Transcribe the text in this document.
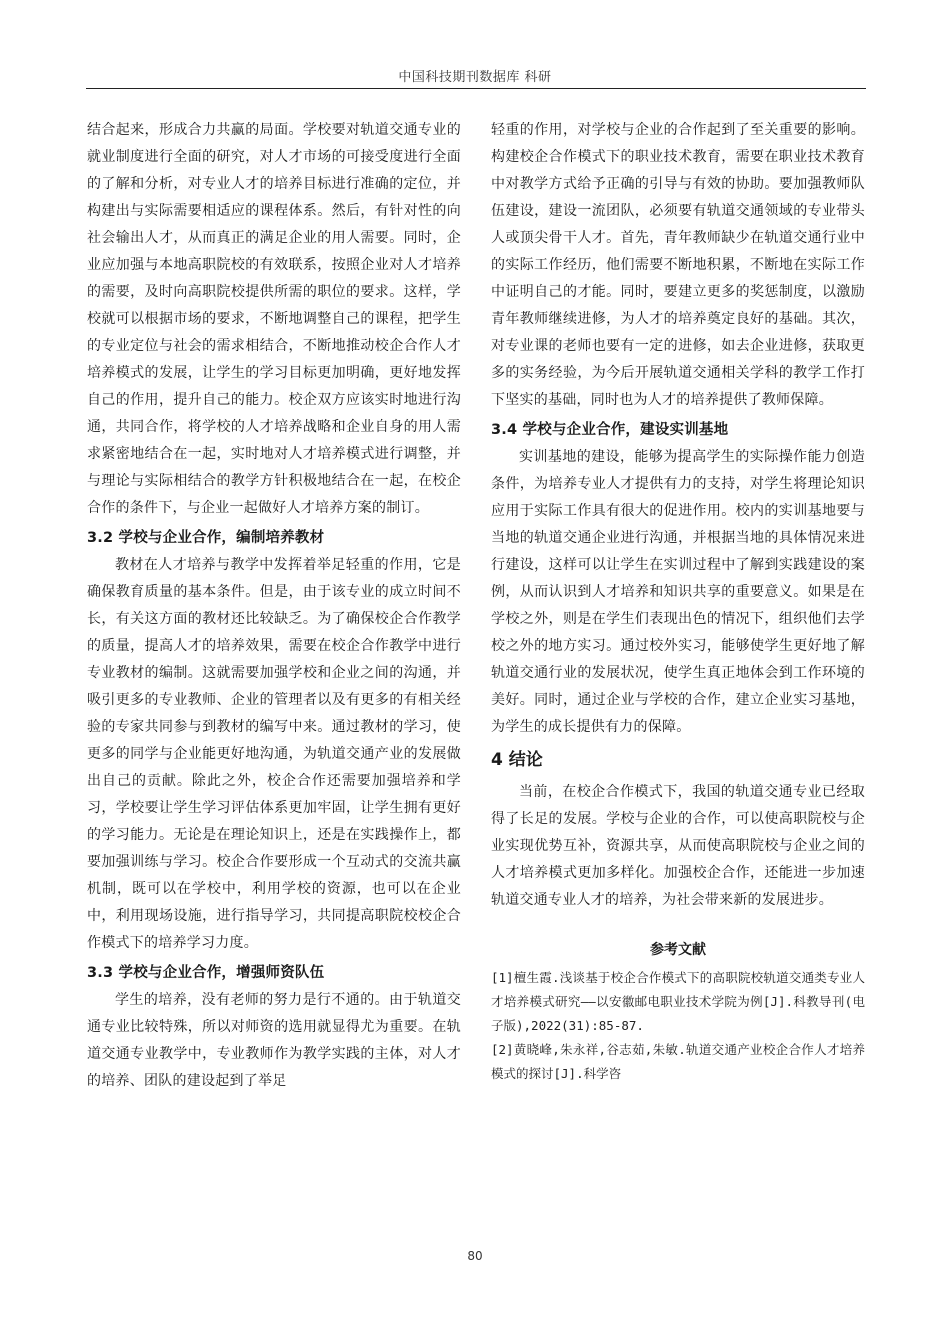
中国科技期刊数据库 科研

结合起来，形成合力共赢的局面。学校要对轨道交通专业的就业制度进行全面的研究，对人才市场的可接受度进行全面的了解和分析，对专业人才的培养目标进行准确的定位，并构建出与实际需要相适应的课程体系。然后，有针对性的向社会输出人才，从而真正的满足企业的用人需要。同时，企业应加强与本地高职院校的有效联系，按照企业对人才培养的需要，及时向高职院校提供所需的职位的要求。这样，学校就可以根据市场的要求，不断地调整自己的课程，把学生的专业定位与社会的需求相结合，不断地推动校企合作人才培养模式的发展，让学生的学习目标更加明确，更好地发挥自己的作用，提升自己的能力。校企双方应该实时地进行沟通，共同合作，将学校的人才培养战略和企业自身的用人需求紧密地结合在一起，实时地对人才培养模式进行调整，并与理论与实际相结合的教学方针积极地结合在一起，在校企合作的条件下，与企业一起做好人才培养方案的制订。

3.2 学校与企业合作，编制培养教材

教材在人才培养与教学中发挥着举足轻重的作用，它是确保教育质量的基本条件。但是，由于该专业的成立时间不长，有关这方面的教材还比较缺乏。为了确保校企合作教学的质量，提高人才的培养效果，需要在校企合作教学中进行专业教材的编制。这就需要加强学校和企业之间的沟通，并吸引更多的专业教师、企业的管理者以及有更多的有相关经验的专家共同参与到教材的编写中来。通过教材的学习，使更多的同学与企业能更好地沟通，为轨道交通产业的发展做出自己的贡献。除此之外，校企合作还需要加强培养和学习，学校要让学生学习评估体系更加牢固，让学生拥有更好的学习能力。无论是在理论知识上，还是在实践操作上，都要加强训练与学习。校企合作要形成一个互动式的交流共赢机制，既可以在学校中，利用学校的资源，也可以在企业中，利用现场设施，进行指导学习，共同提高职院校校企合作模式下的培养学习力度。

3.3 学校与企业合作，增强师资队伍

学生的培养，没有老师的努力是行不通的。由于轨道交通专业比较特殊，所以对师资的选用就显得尤为重要。在轨道交通专业教学中，专业教师作为教学实践的主体，对人才的培养、团队的建设起到了举足

轻重的作用，对学校与企业的合作起到了至关重要的影响。构建校企合作模式下的职业技术教育，需要在职业技术教育中对教学方式给予正确的引导与有效的协助。要加强教师队伍建设，建设一流团队，必须要有轨道交通领域的专业带头人或顶尖骨干人才。首先，青年教师缺少在轨道交通行业中的实际工作经历，他们需要不断地积累，不断地在实际工作中证明自己的才能。同时，要建立更多的奖惩制度，以激励青年教师继续进修，为人才的培养奠定良好的基础。其次，对专业课的老师也要有一定的进修，如去企业进修，获取更多的实务经验，为今后开展轨道交通相关学科的教学工作打下坚实的基础，同时也为人才的培养提供了教师保障。

3.4 学校与企业合作，建设实训基地

实训基地的建设，能够为提高学生的实际操作能力创造条件，为培养专业人才提供有力的支持，对学生将理论知识应用于实际工作具有很大的促进作用。校内的实训基地要与当地的轨道交通企业进行沟通，并根据当地的具体情况来进行建设，这样可以让学生在实训过程中了解到实践建设的案例，从而认识到人才培养和知识共享的重要意义。如果是在学校之外，则是在学生们表现出色的情况下，组织他们去学校之外的地方实习。通过校外实习，能够使学生更好地了解轨道交通行业的发展状况，使学生真正地体会到工作环境的美好。同时，通过企业与学校的合作，建立企业实习基地，为学生的成长提供有力的保障。

4 结论

当前，在校企合作模式下，我国的轨道交通专业已经取得了长足的发展。学校与企业的合作，可以使高职院校与企业实现优势互补，资源共享，从而使高职院校与企业之间的人才培养模式更加多样化。加强校企合作，还能进一步加速轨道交通专业人才的培养，为社会带来新的发展进步。

参考文献

[1]檀生霞.浅谈基于校企合作模式下的高职院校轨道交通类专业人才培养模式研究——以安徽邮电职业技术学院为例[J].科教导刊(电子版),2022(31):85-87.

[2]黄晓峰,朱永祥,谷志茹,朱敏.轨道交通产业校企合作人才培养模式的探讨[J].科学咨

80
